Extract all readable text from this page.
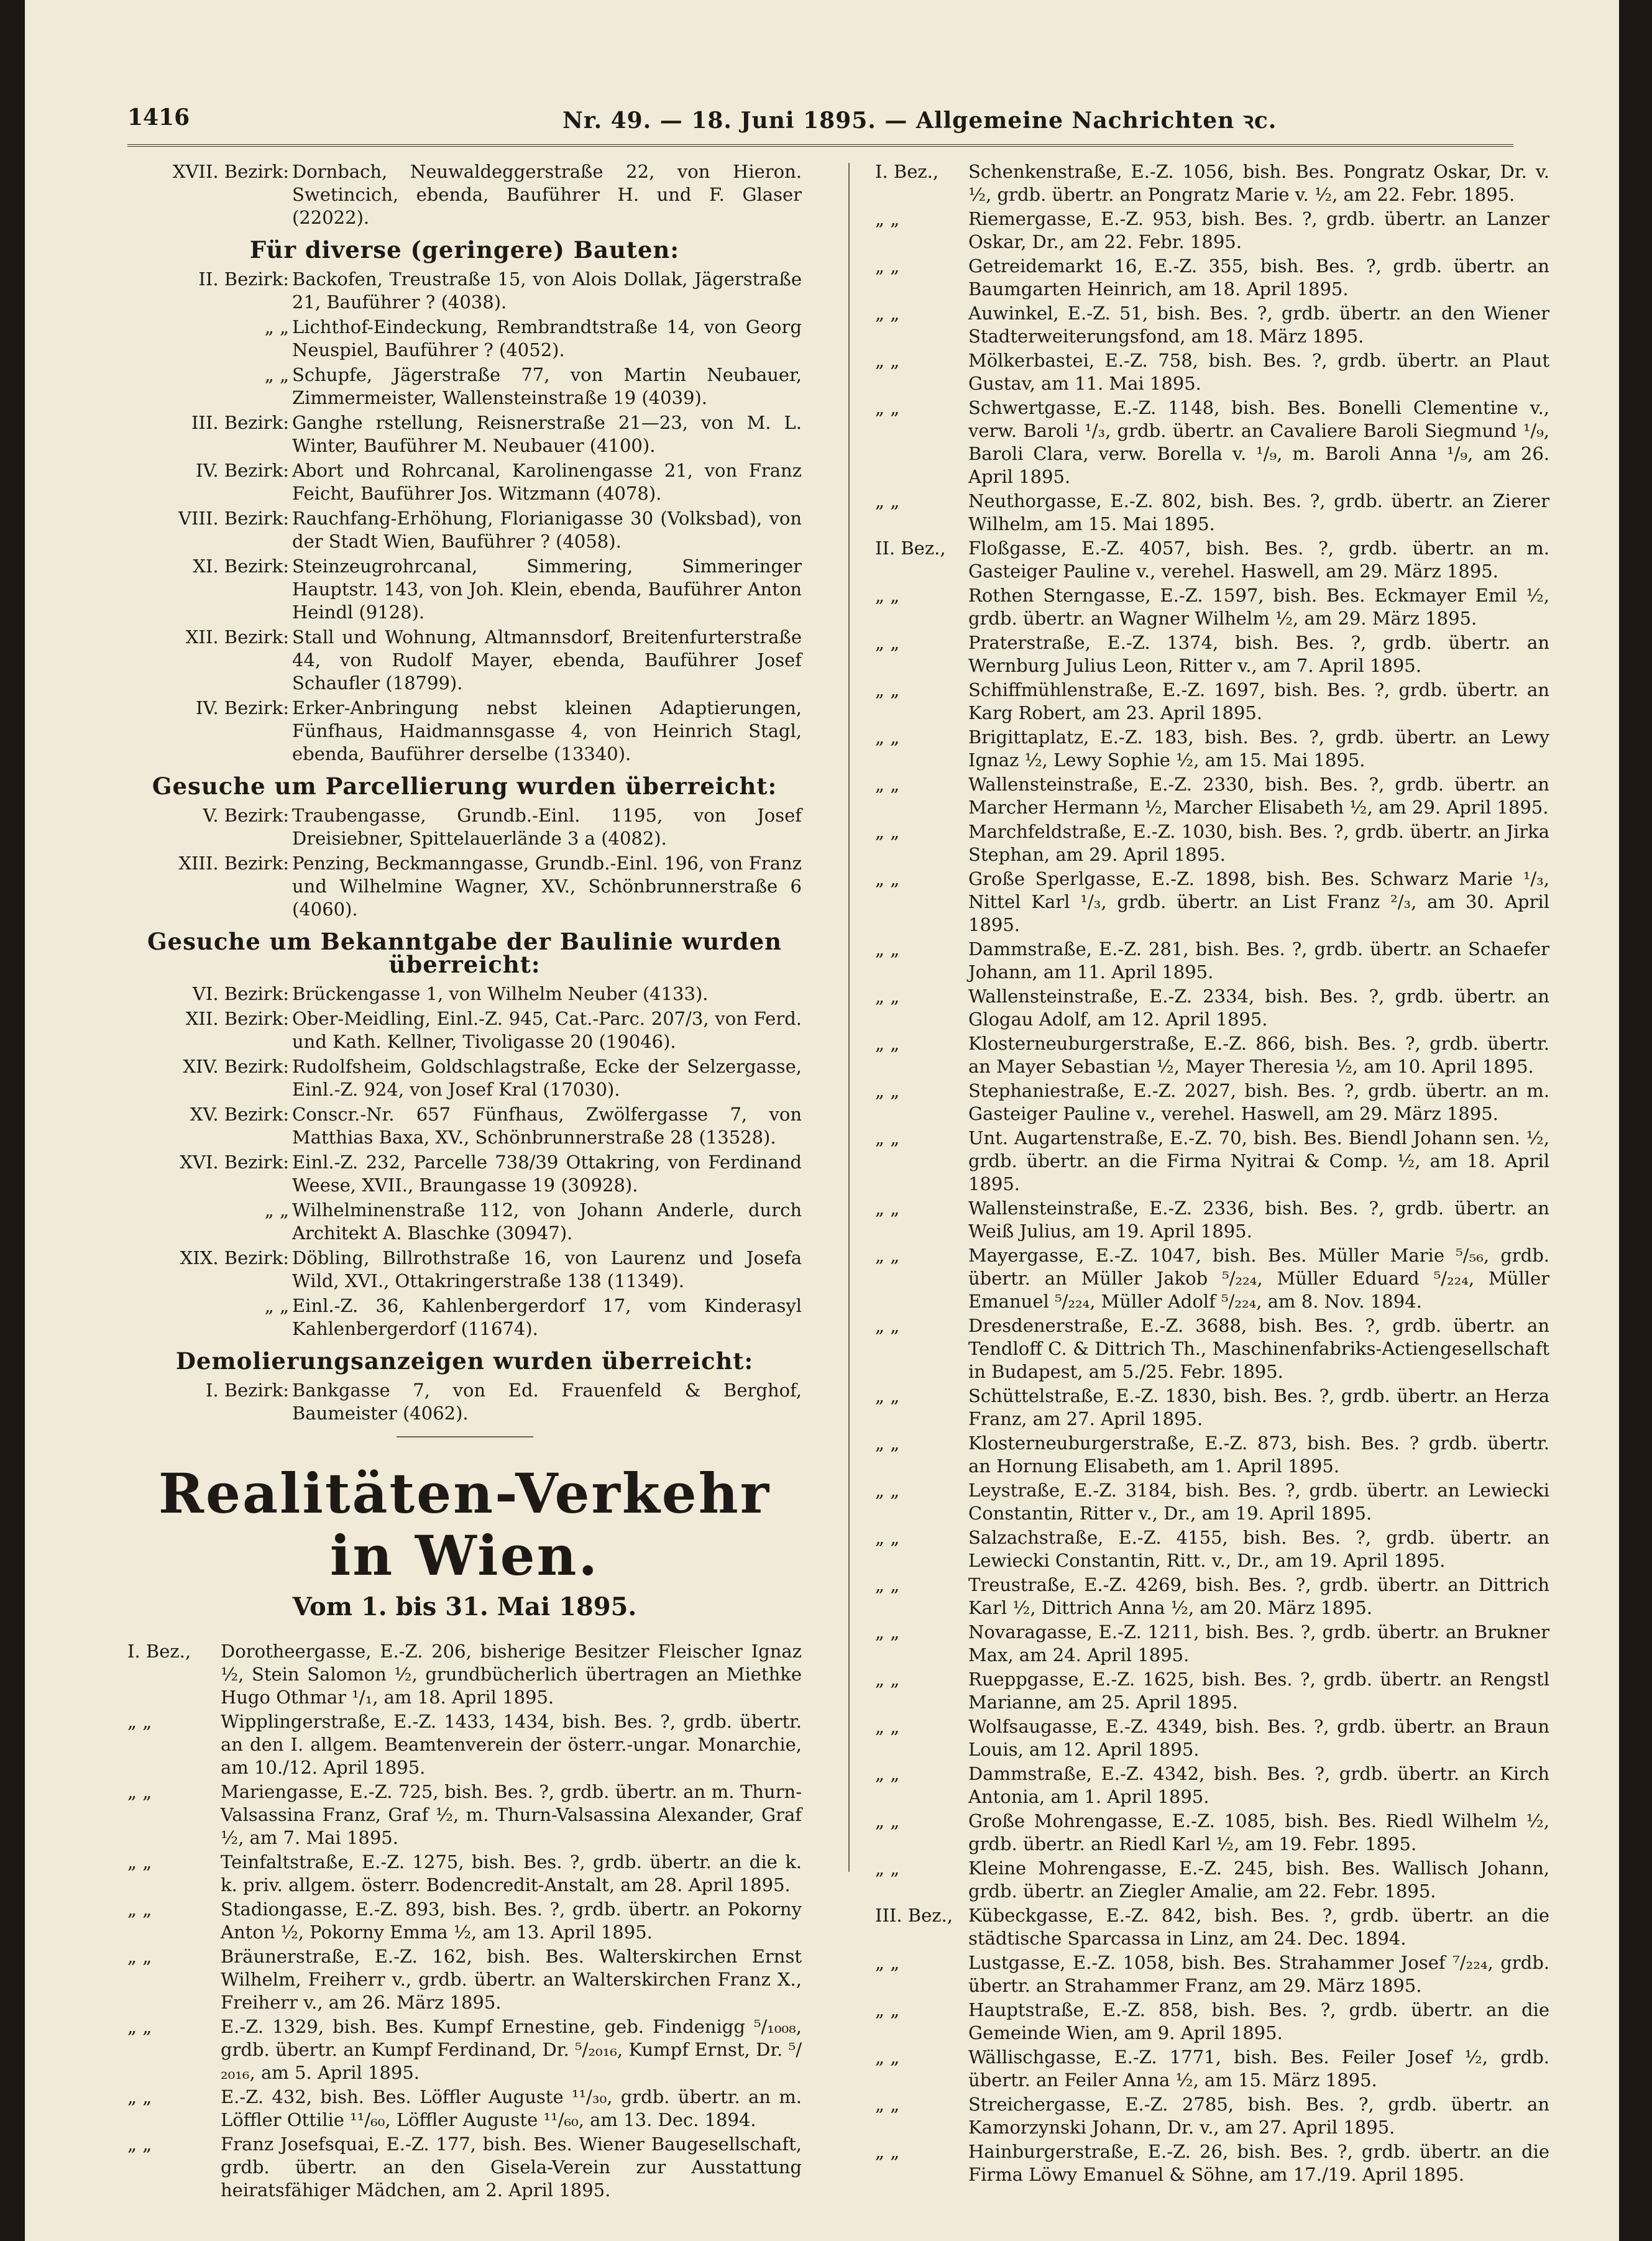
1416	Nr. 49. — 18. Juni 1895. — Allgemeine Nachrichten ꝛc.
XVII. Bezirk: Dornbach, Neuwaldeggerstraße 22, von Hieron. Swetincich, ebenda, Bauführer H. und F. Glaser (22022).
Für diverse (geringere) Bauten:
II. Bezirk: Backofen, Treustraße 15, von Alois Dollak, Jägerstraße 21, Bauführer ? (4038).
„ „ Lichthof-Eindeckung, Rembrandtstraße 14, von Georg Neuspiel, Bauführer ? (4052).
„ „ Schupfe, Jägerstraße 77, von Martin Neubauer, Zimmermeister, Wallensteinstraße 19 (4039).
III. Bezirk: Ganghe rstellung, Reisnerstraße 21—23, von M. L. Winter, Bauführer M. Neubauer (4100).
IV. Bezirk: Abort und Rohrcanal, Karolinengasse 21, von Franz Feicht, Bauführer Jos. Witzmann (4078).
VIII. Bezirk: Rauchfang-Erhöhung, Florianigasse 30 (Volksbad), von der Stadt Wien, Bauführer ? (4058).
XI. Bezirk: Steinzeugrohrcanal, Simmering, Simmeringer Hauptstr. 143, von Joh. Klein, ebenda, Bauführer Anton Heindl (9128).
XII. Bezirk: Stall und Wohnung, Altmannsdorf, Breitenfurterstraße 44, von Rudolf Mayer, ebenda, Bauführer Josef Schaufler (18799).
IV. Bezirk: Erker-Anbringung nebst kleinen Adaptierungen, Fünfhaus, Haidmannsgasse 4, von Heinrich Stagl, ebenda, Bauführer derselbe (13340).
Gesuche um Parcellierung wurden überreicht:
V. Bezirk: Traubengasse, Grundb.-Einl. 1195, von Josef Dreisiebner, Spittelauerlände 3 a (4082).
XIII. Bezirk: Penzing, Beckmanngasse, Grundb.-Einl. 196, von Franz und Wilhelmine Wagner, XV., Schönbrunnerstraße 6 (4060).
Gesuche um Bekanntgabe der Baulinie wurden überreicht:
VI. Bezirk: Brückengasse 1, von Wilhelm Neuber (4133).
XII. Bezirk: Ober-Meidling, Einl.-Z. 945, Cat.-Parc. 207/3, von Ferd. und Kath. Kellner, Tivoligasse 20 (19046).
XIV. Bezirk: Rudolfsheim, Goldschlagstraße, Ecke der Selzergasse, Einl.-Z. 924, von Josef Kral (17030).
XV. Bezirk: Conscr.-Nr. 657 Fünfhaus, Zwölfergasse 7, von Matthias Baxa, XV., Schönbrunnerstraße 28 (13528).
XVI. Bezirk: Einl.-Z. 232, Parcelle 738/39 Ottakring, von Ferdinand Weese, XVII., Braungasse 19 (30928).
„ „ Wilhelminenstraße 112, von Johann Anderle, durch Architekt A. Blaschke (30947).
XIX. Bezirk: Döbling, Billrothstraße 16, von Laurenz und Josefa Wild, XVI., Ottakringerstraße 138 (11349).
„ „ Einl.-Z. 36, Kahlenbergerdorf 17, vom Kinderasyl Kahlenbergerdorf (11674).
Demolierungsanzeigen wurden überreicht:
I. Bezirk: Bankgasse 7, von Ed. Frauenfeld & Berghof, Baumeister (4062).
Realitäten-Verkehr in Wien.
Vom 1. bis 31. Mai 1895.
I. Bez.,	Dorotheergasse, E.-Z. 206, bisherige Besitzer Fleischer Ignaz ½, Stein Salomon ½, grundbücherlich übertragen an Miethke Hugo Othmar ¹/₁, am 18. April 1895.
„ „	Wipplingerstraße, E.-Z. 1433, 1434, bish. Bes. ?, grdb. übertr. an den I. allgem. Beamtenverein der österr.-ungar. Monarchie, am 10./12. April 1895.
„ „	Mariengasse, E.-Z. 725, bish. Bes. ?, grdb. übertr. an m. Thurn-Valsassina Franz, Graf ½, m. Thurn-Valsassina Alexander, Graf ½, am 7. Mai 1895.
„ „	Teinfaltstraße, E.-Z. 1275, bish. Bes. ?, grdb. übertr. an die k. k. priv. allgem. österr. Bodencredit-Anstalt, am 28. April 1895.
„ „	Stadiongasse, E.-Z. 893, bish. Bes. ?, grdb. übertr. an Pokorny Anton ½, Pokorny Emma ½, am 13. April 1895.
„ „	Bräunerstraße, E.-Z. 162, bish. Bes. Walterskirchen Ernst Wilhelm, Freiherr v., grdb. übertr. an Walterskirchen Franz X., Freiherr v., am 26. März 1895.
„ „	E.-Z. 1329, bish. Bes. Kumpf Ernestine, geb. Findenigg ⁵/₁₀₀₈, grdb. übertr. an Kumpf Ferdinand, Dr. ⁵/₂₀₁₆, Kumpf Ernst, Dr. ⁵/₂₀₁₆, am 5. April 1895.
„ „	E.-Z. 432, bish. Bes. Löffler Auguste ¹¹/₃₀, grdb. übertr. an m. Löffler Ottilie ¹¹/₆₀, Löffler Auguste ¹¹/₆₀, am 13. Dec. 1894.
„ „	Franz Josefsquai, E.-Z. 177, bish. Bes. Wiener Baugesellschaft, grdb. übertr. an den Gisela-Verein zur Ausstattung heiratsfähiger Mädchen, am 2. April 1895.
I. Bez.,	Schenkenstraße, E.-Z. 1056, bish. Bes. Pongratz Oskar, Dr. v. ½, grdb. übertr. an Pongratz Marie v. ½, am 22. Febr. 1895.
„ „	Riemergasse, E.-Z. 953, bish. Bes. ?, grdb. übertr. an Lanzer Oskar, Dr., am 22. Febr. 1895.
„ „	Getreidemarkt 16, E.-Z. 355, bish. Bes. ?, grdb. übertr. an Baumgarten Heinrich, am 18. April 1895.
„ „	Auwinkel, E.-Z. 51, bish. Bes. ?, grdb. übertr. an den Wiener Stadterweiterungsfond, am 18. März 1895.
„ „	Mölkerbastei, E.-Z. 758, bish. Bes. ?, grdb. übertr. an Plaut Gustav, am 11. Mai 1895.
„ „	Schwertgasse, E.-Z. 1148, bish. Bes. Bonelli Clementine v., verw. Baroli ¹/₃, grdb. übertr. an Cavaliere Baroli Siegmund ¹/₉, Baroli Clara, verw. Borella v. ¹/₉, m. Baroli Anna ¹/₉, am 26. April 1895.
„ „	Neuthorgasse, E.-Z. 802, bish. Bes. ?, grdb. übertr. an Zierer Wilhelm, am 15. Mai 1895.
II. Bez.,	Floßgasse, E.-Z. 4057, bish. Bes. ?, grdb. übertr. an m. Gasteiger Pauline v., verehel. Haswell, am 29. März 1895.
„ „	Rothen Sterngasse, E.-Z. 1597, bish. Bes. Eckmayer Emil ½, grdb. übertr. an Wagner Wilhelm ½, am 29. März 1895.
„ „	Praterstraße, E.-Z. 1374, bish. Bes. ?, grdb. übertr. an Wernburg Julius Leon, Ritter v., am 7. April 1895.
„ „	Schiffmühlenstraße, E.-Z. 1697, bish. Bes. ?, grdb. übertr. an Karg Robert, am 23. April 1895.
„ „	Brigittaplatz, E.-Z. 183, bish. Bes. ?, grdb. übertr. an Lewy Ignaz ½, Lewy Sophie ½, am 15. Mai 1895.
„ „	Wallensteinstraße, E.-Z. 2330, bish. Bes. ?, grdb. übertr. an Marcher Hermann ½, Marcher Elisabeth ½, am 29. April 1895.
„ „	Marchfeldstraße, E.-Z. 1030, bish. Bes. ?, grdb. übertr. an Jirka Stephan, am 29. April 1895.
„ „	Große Sperlgasse, E.-Z. 1898, bish. Bes. Schwarz Marie ¹/₃, Nittel Karl ¹/₃, grdb. übertr. an List Franz ²/₃, am 30. April 1895.
„ „	Dammstraße, E.-Z. 281, bish. Bes. ?, grdb. übertr. an Schaefer Johann, am 11. April 1895.
„ „	Wallensteinstraße, E.-Z. 2334, bish. Bes. ?, grdb. übertr. an Glogau Adolf, am 12. April 1895.
„ „	Klosterneuburgerstraße, E.-Z. 866, bish. Bes. ?, grdb. übertr. an Mayer Sebastian ½, Mayer Theresia ½, am 10. April 1895.
„ „	Stephaniestraße, E.-Z. 2027, bish. Bes. ?, grdb. übertr. an m. Gasteiger Pauline v., verehel. Haswell, am 29. März 1895.
„ „	Unt. Augartenstraße, E.-Z. 70, bish. Bes. Biendl Johann sen. ½, grdb. übertr. an die Firma Nyitrai & Comp. ½, am 18. April 1895.
„ „	Wallensteinstraße, E.-Z. 2336, bish. Bes. ?, grdb. übertr. an Weiß Julius, am 19. April 1895.
„ „	Mayergasse, E.-Z. 1047, bish. Bes. Müller Marie ⁵/₅₆, grdb. übertr. an Müller Jakob ⁵/₂₂₄, Müller Eduard ⁵/₂₂₄, Müller Emanuel ⁵/₂₂₄, Müller Adolf ⁵/₂₂₄, am 8. Nov. 1894.
„ „	Dresdenerstraße, E.-Z. 3688, bish. Bes. ?, grdb. übertr. an Tendloff C. & Dittrich Th., Maschinenfabriks-Actiengesellschaft in Budapest, am 5./25. Febr. 1895.
„ „	Schüttelstraße, E.-Z. 1830, bish. Bes. ?, grdb. übertr. an Herza Franz, am 27. April 1895.
„ „	Klosterneuburgerstraße, E.-Z. 873, bish. Bes. ? grdb. übertr. an Hornung Elisabeth, am 1. April 1895.
„ „	Leystraße, E.-Z. 3184, bish. Bes. ?, grdb. übertr. an Lewiecki Constantin, Ritter v., Dr., am 19. April 1895.
„ „	Salzachstraße, E.-Z. 4155, bish. Bes. ?, grdb. übertr. an Lewiecki Constantin, Ritt. v., Dr., am 19. April 1895.
„ „	Treustraße, E.-Z. 4269, bish. Bes. ?, grdb. übertr. an Dittrich Karl ½, Dittrich Anna ½, am 20. März 1895.
„ „	Novaragasse, E.-Z. 1211, bish. Bes. ?, grdb. übertr. an Brukner Max, am 24. April 1895.
„ „	Rueppgasse, E.-Z. 1625, bish. Bes. ?, grdb. übertr. an Rengstl Marianne, am 25. April 1895.
„ „	Wolfsaugasse, E.-Z. 4349, bish. Bes. ?, grdb. übertr. an Braun Louis, am 12. April 1895.
„ „	Dammstraße, E.-Z. 4342, bish. Bes. ?, grdb. übertr. an Kirch Antonia, am 1. April 1895.
„ „	Große Mohrengasse, E.-Z. 1085, bish. Bes. Riedl Wilhelm ½, grdb. übertr. an Riedl Karl ½, am 19. Febr. 1895.
„ „	Kleine Mohrengasse, E.-Z. 245, bish. Bes. Wallisch Johann, grdb. übertr. an Ziegler Amalie, am 22. Febr. 1895.
III. Bez., Kübeckgasse, E.-Z. 842, bish. Bes. ?, grdb. übertr. an die städtische Sparcassa in Linz, am 24. Dec. 1894.
„ „	Lustgasse, E.-Z. 1058, bish. Bes. Strahammer Josef ⁷/₂₂₄, grdb. übertr. an Strahammer Franz, am 29. März 1895.
„ „	Hauptstraße, E.-Z. 858, bish. Bes. ?, grdb. übertr. an die Gemeinde Wien, am 9. April 1895.
„ „	Wällischgasse, E.-Z. 1771, bish. Bes. Feiler Josef ½, grdb. übertr. an Feiler Anna ½, am 15. März 1895.
„ „	Streichergasse, E.-Z. 2785, bish. Bes. ?, grdb. übertr. an Kamorzynski Johann, Dr. v., am 27. April 1895.
„ „	Hainburgerstraße, E.-Z. 26, bish. Bes. ?, grdb. übertr. an die Firma Löwy Emanuel & Söhne, am 17./19. April 1895.
